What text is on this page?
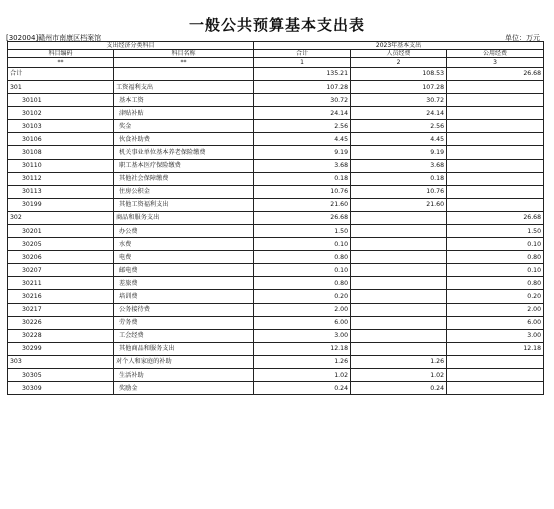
一般公共预算基本支出表
[302004]赣州市南康区档案馆	单位：万元
支出经济分类科目		2023年基本支出		
科目编码	科目名称	合计	人员经费	公用经费
**	**	1	2	3
合计		135.21	108.53	26.68
301	工资福利支出	107.28	107.28	
30101	基本工资	30.72	30.72	
30102	津贴补贴	24.14	24.14	
30103	奖金	2.56	2.56	
30106	伙食补助费	4.45	4.45	
30108	机关事业单位基本养老保险缴费	9.19	9.19	
30110	职工基本医疗保险缴费	3.68	3.68	
30112	其他社会保障缴费	0.18	0.18	
30113	住房公积金	10.76	10.76	
30199	其他工资福利支出	21.60	21.60	
302	商品和服务支出	26.68		26.68
30201	办公费	1.50		1.50
30205	水费	0.10		0.10
30206	电费	0.80		0.80
30207	邮电费	0.10		0.10
30211	差旅费	0.80		0.80
30216	培训费	0.20		0.20
30217	公务接待费	2.00		2.00
30226	劳务费	6.00		6.00
30228	工会经费	3.00		3.00
30299	其他商品和服务支出	12.18		12.18
303	对个人和家庭的补助	1.26	1.26	
30305	生活补助	1.02	1.02	
30309	奖励金	0.24	0.24	
